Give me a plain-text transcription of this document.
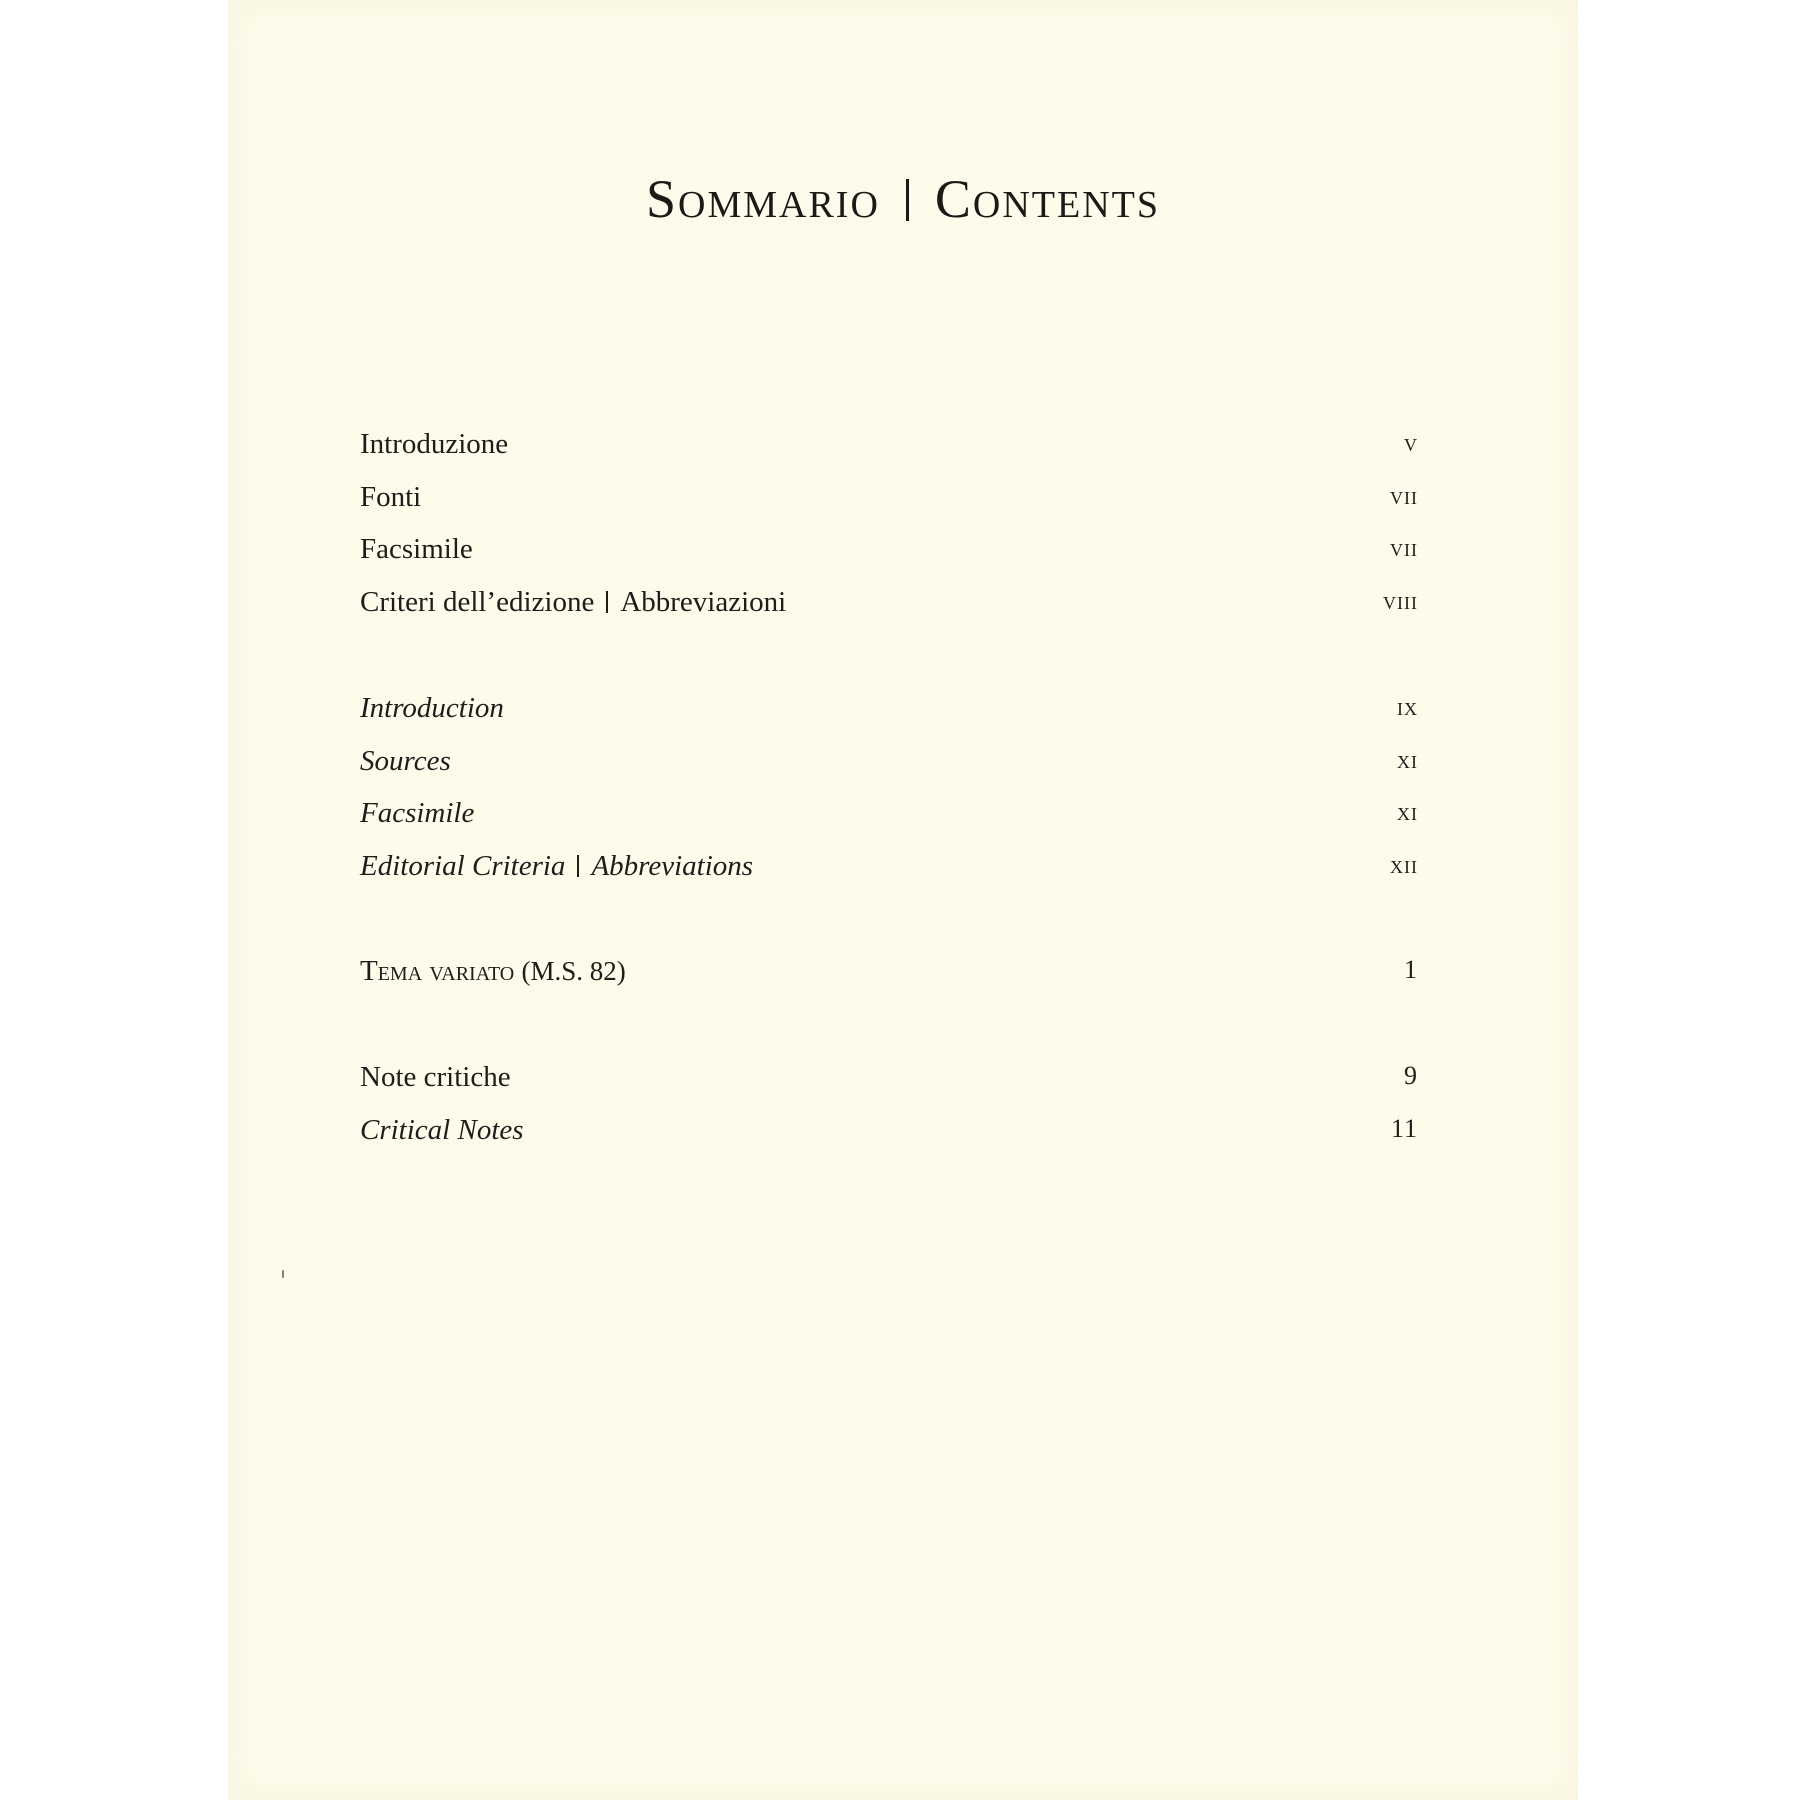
Sommario Contents
Introduzione	v
Fonti	vii
Facsimile	vii
Criteri dell’edizione Abbreviazioni	viii
Introduction	ix
Sources	xi
Facsimile	xi
Editorial Criteria Abbreviations	xii
Tema variato (M.S. 82)	1
Note critiche	9
Critical Notes	11
